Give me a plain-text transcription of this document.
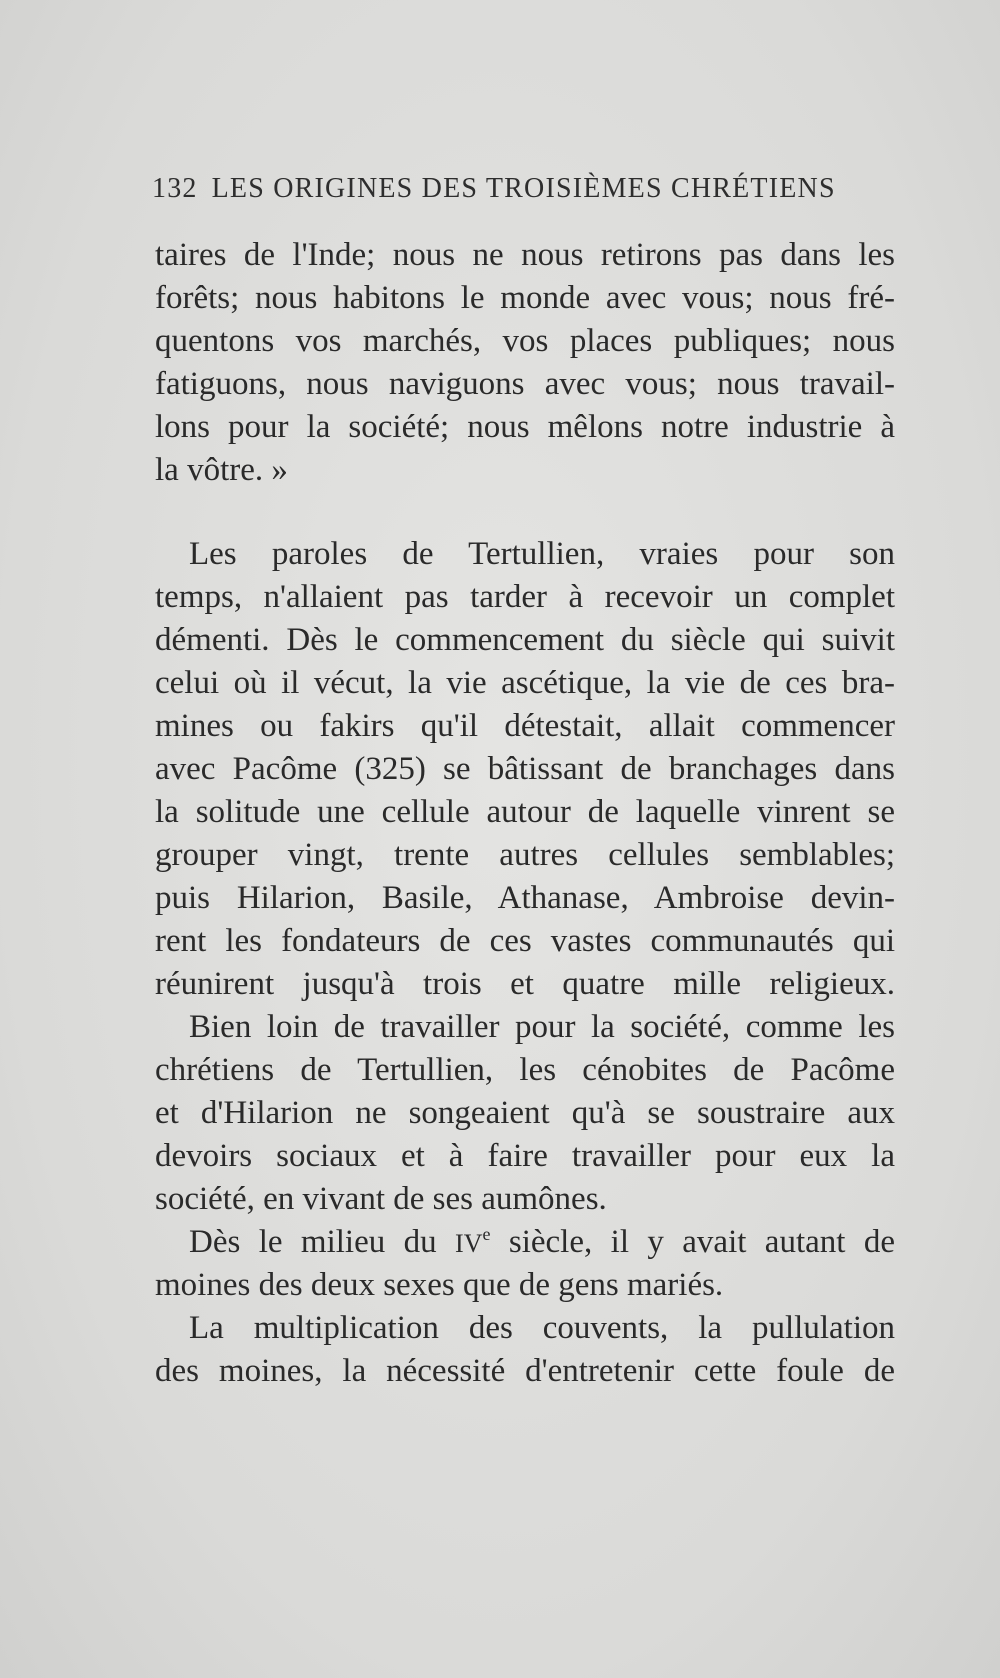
132 LES ORIGINES DES TROISIÈMES CHRÉTIENS
taires de l'Inde; nous ne nous retirons pas dans les
forêts; nous habitons le monde avec vous; nous fré-
quentons vos marchés, vos places publiques; nous
fatiguons, nous naviguons avec vous; nous travail-
lons pour la société; nous mêlons notre industrie à
la vôtre. »
Les paroles de Tertullien, vraies pour son
temps, n'allaient pas tarder à recevoir un complet
démenti. Dès le commencement du siècle qui suivit
celui où il vécut, la vie ascétique, la vie de ces bra-
mines ou fakirs qu'il détestait, allait commencer
avec Pacôme (325) se bâtissant de branchages dans
la solitude une cellule autour de laquelle vinrent se
grouper vingt, trente autres cellules semblables;
puis Hilarion, Basile, Athanase, Ambroise devin-
rent les fondateurs de ces vastes communautés qui
réunirent jusqu'à trois et quatre mille religieux.
Bien loin de travailler pour la société, comme les
chrétiens de Tertullien, les cénobites de Pacôme
et d'Hilarion ne songeaient qu'à se soustraire aux
devoirs sociaux et à faire travailler pour eux la
société, en vivant de ses aumônes.
Dès le milieu du IVe siècle, il y avait autant de
moines des deux sexes que de gens mariés.
La multiplication des couvents, la pullulation
des moines, la nécessité d'entretenir cette foule de
